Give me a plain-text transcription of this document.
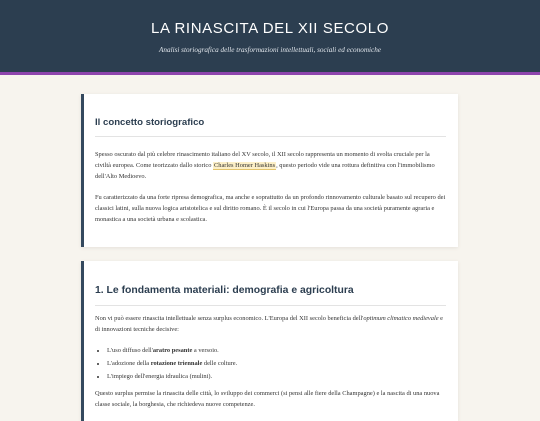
LA RINASCITA DEL XII SECOLO

Analisi storiografica delle trasformazioni intellettuali, sociali ed economiche

Il concetto storiografico

Spesso oscurato dal più celebre rinascimento italiano del XV secolo, il XII secolo rappresenta un momento di svolta cruciale per la civiltà europea. Come teorizzato dallo storico Charles Homer Haskins, questo periodo vide una rottura definitiva con l'immobilismo dell'Alto Medioevo.

Fu caratterizzato da una forte ripresa demografica, ma anche e soprattutto da un profondo rinnovamento culturale basato sul recupero dei classici latini, sulla nuova logica aristotelica e sul diritto romano. È il secolo in cui l'Europa passa da una società puramente agraria e monastica a una società urbana e scolastica.

1. Le fondamenta materiali: demografia e agricoltura

Non vi può essere rinascita intellettuale senza surplus economico. L'Europa del XII secolo beneficia dell'optimum climatico medievale e di innovazioni tecniche decisive:

• L'uso diffuso dell'aratro pesante a versoio.
• L'adozione della rotazione triennale delle colture.
• L'impiego dell'energia idraulica (mulini).

Questo surplus permise la rinascita delle città, lo sviluppo dei commerci (si pensi alle fiere della Champagne) e la nascita di una nuova classe sociale, la borghesia, che richiedeva nuove competenze.
